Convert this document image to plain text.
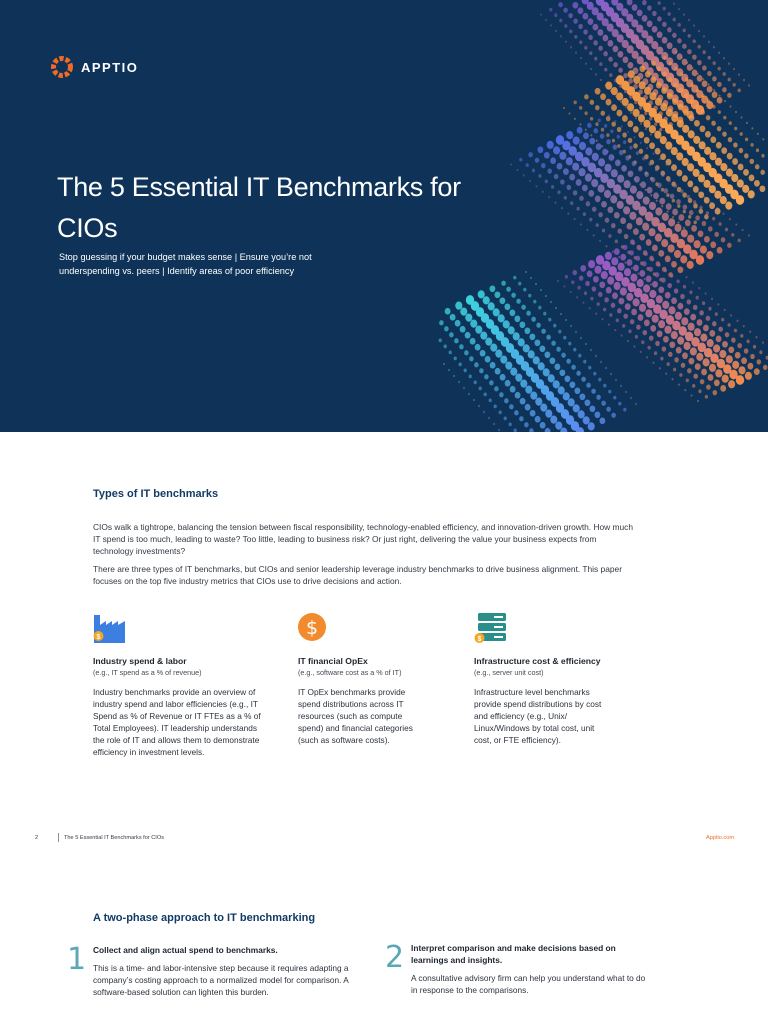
APPTIO
The 5 Essential IT Benchmarks for CIOs

Stop guessing if your budget makes sense | Ensure you’re not underspending vs. peers | Identify areas of poor efficiency

Types of IT benchmarks

CIOs walk a tightrope, balancing the tension between fiscal responsibility, technology-enabled efficiency, and innovation-driven growth. How much IT spend is too much, leading to waste? Too little, leading to business risk? Or just right, delivering the value your business expects from technology investments?

There are three types of IT benchmarks, but CIOs and senior leadership leverage industry benchmarks to drive business alignment. This paper focuses on the top five industry metrics that CIOs use to drive decisions and action.

$
Industry spend & labor
(e.g., IT spend as a % of revenue)
Industry benchmarks provide an overview of industry spend and labor efficiencies (e.g., IT Spend as % of Revenue or IT FTEs as a % of Total Employees). IT leadership understands the role of IT and allows them to demonstrate efficiency in investment levels.
$
IT financial OpEx
(e.g., software cost as a % of IT)
IT OpEx benchmarks provide spend distributions across IT resources (such as compute spend) and financial categories (such as software costs).
$
Infrastructure cost & efficiency
(e.g., server unit cost)
Infrastructure level benchmarks provide spend distributions by cost and efficiency (e.g., Unix/ Linux/Windows by total cost, unit cost, or FTE efficiency).
2	The 5 Essential IT Benchmarks for CIOs	Apptio.com
A two-phase approach to IT benchmarking
1 Collect and align actual spend to benchmarks.
This is a time- and labor-intensive step because it requires adapting a company’s costing approach to a normalized model for comparison. A software-based solution can lighten this burden.
2 Interpret comparison and make decisions based on learnings and insights.
A consultative advisory firm can help you understand what to do in response to the comparisons.
